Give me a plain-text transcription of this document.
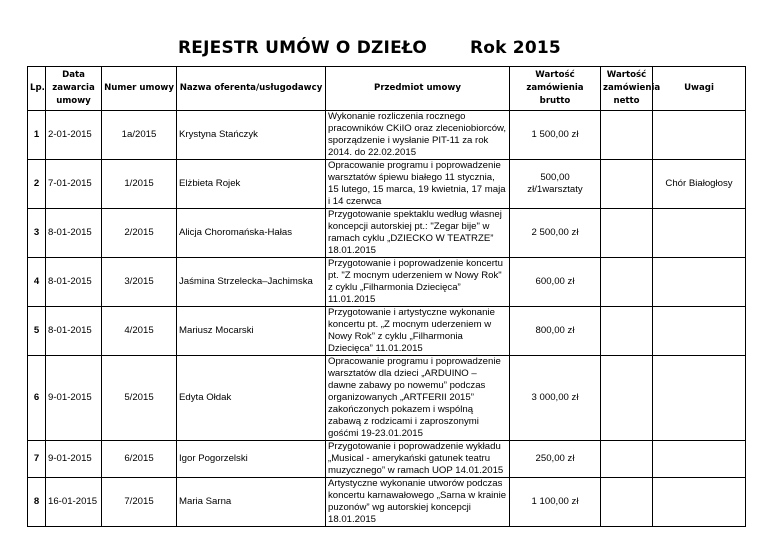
REJESTR UMÓW O DZIEŁO	Rok 2015
Lp.	Data zawarcia umowy	Numer umowy	Nazwa oferenta/usługodawcy	Przedmiot umowy	Wartość zamówienia brutto	Wartość zamówienia netto	Uwagi
1	2-01-2015	1a/2015	Krystyna Stańczyk	Wykonanie rozliczenia rocznego pracowników CKiIO oraz zleceniobiorców, sporządzenie i wysłanie PIT-11 za rok 2014. do 22.02.2015	1 500,00 zł		
2	7-01-2015	1/2015	Elżbieta Rojek	Opracowanie programu i poprowadzenie warsztatów śpiewu białego 11 stycznia, 15 lutego, 15 marca, 19 kwietnia, 17 maja i 14 czerwca	500,00 zł/1warsztaty		Chór Białogłosy
3	8-01-2015	2/2015	Alicja Choromańska-Hałas	Przygotowanie spektaklu według własnej koncepcji autorskiej pt.: "Zegar bije" w ramach cyklu „DZIECKO W TEATRZE” 18.01.2015	2 500,00 zł		
4	8-01-2015	3/2015	Jaśmina Strzelecka–Jachimska	Przygotowanie i poprowadzenie koncertu pt. "Z mocnym uderzeniem w Nowy Rok" z cyklu „Filharmonia Dziecięca” 11.01.2015	600,00 zł		
5	8-01-2015	4/2015	Mariusz Mocarski	Przygotowanie i artystyczne wykonanie koncertu pt. „Z mocnym uderzeniem w Nowy Rok” z cyklu „Filharmonia Dziecięca” 11.01.2015	800,00 zł		
6	9-01-2015	5/2015	Edyta Ołdak	Opracowanie programu i poprowadzenie warsztatów dla dzieci „ARDUINO – dawne zabawy po nowemu” podczas organizowanych „ARTFERII 2015” zakończonych pokazem i wspólną zabawą z rodzicami i zaproszonymi gośćmi 19-23.01.2015	3 000,00 zł		
7	9-01-2015	6/2015	Igor Pogorzelski	Przygotowanie i poprowadzenie wykładu „Musical - amerykański gatunek teatru muzycznego” w ramach UOP 14.01.2015	250,00 zł		
8	16-01-2015	7/2015	Maria Sarna	Artystyczne wykonanie utworów podczas koncertu karnawałowego „Sarna w krainie puzonów” wg autorskiej koncepcji 18.01.2015	1 100,00 zł		
